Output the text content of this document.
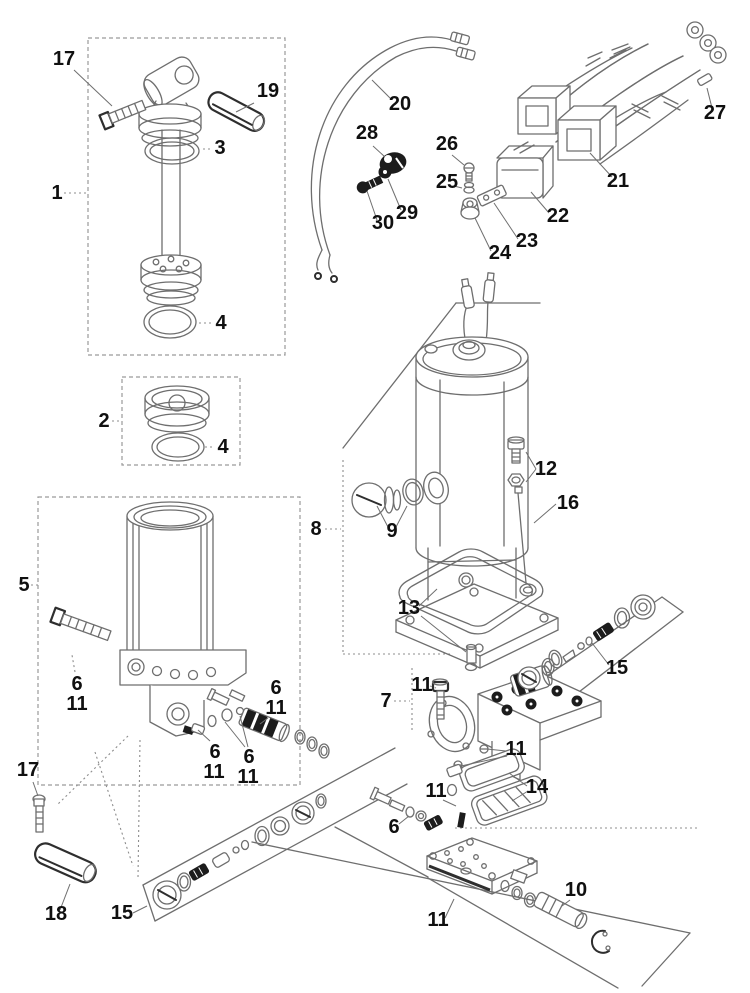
17
19
3
1
4
2
4
5
6
11
17
6
11
6
11
6
11
20
28	26
25
29
30
24
23
22
21
27
8	9
12
16
13
7
11
11
14
11
6
15
15
18
10
11
